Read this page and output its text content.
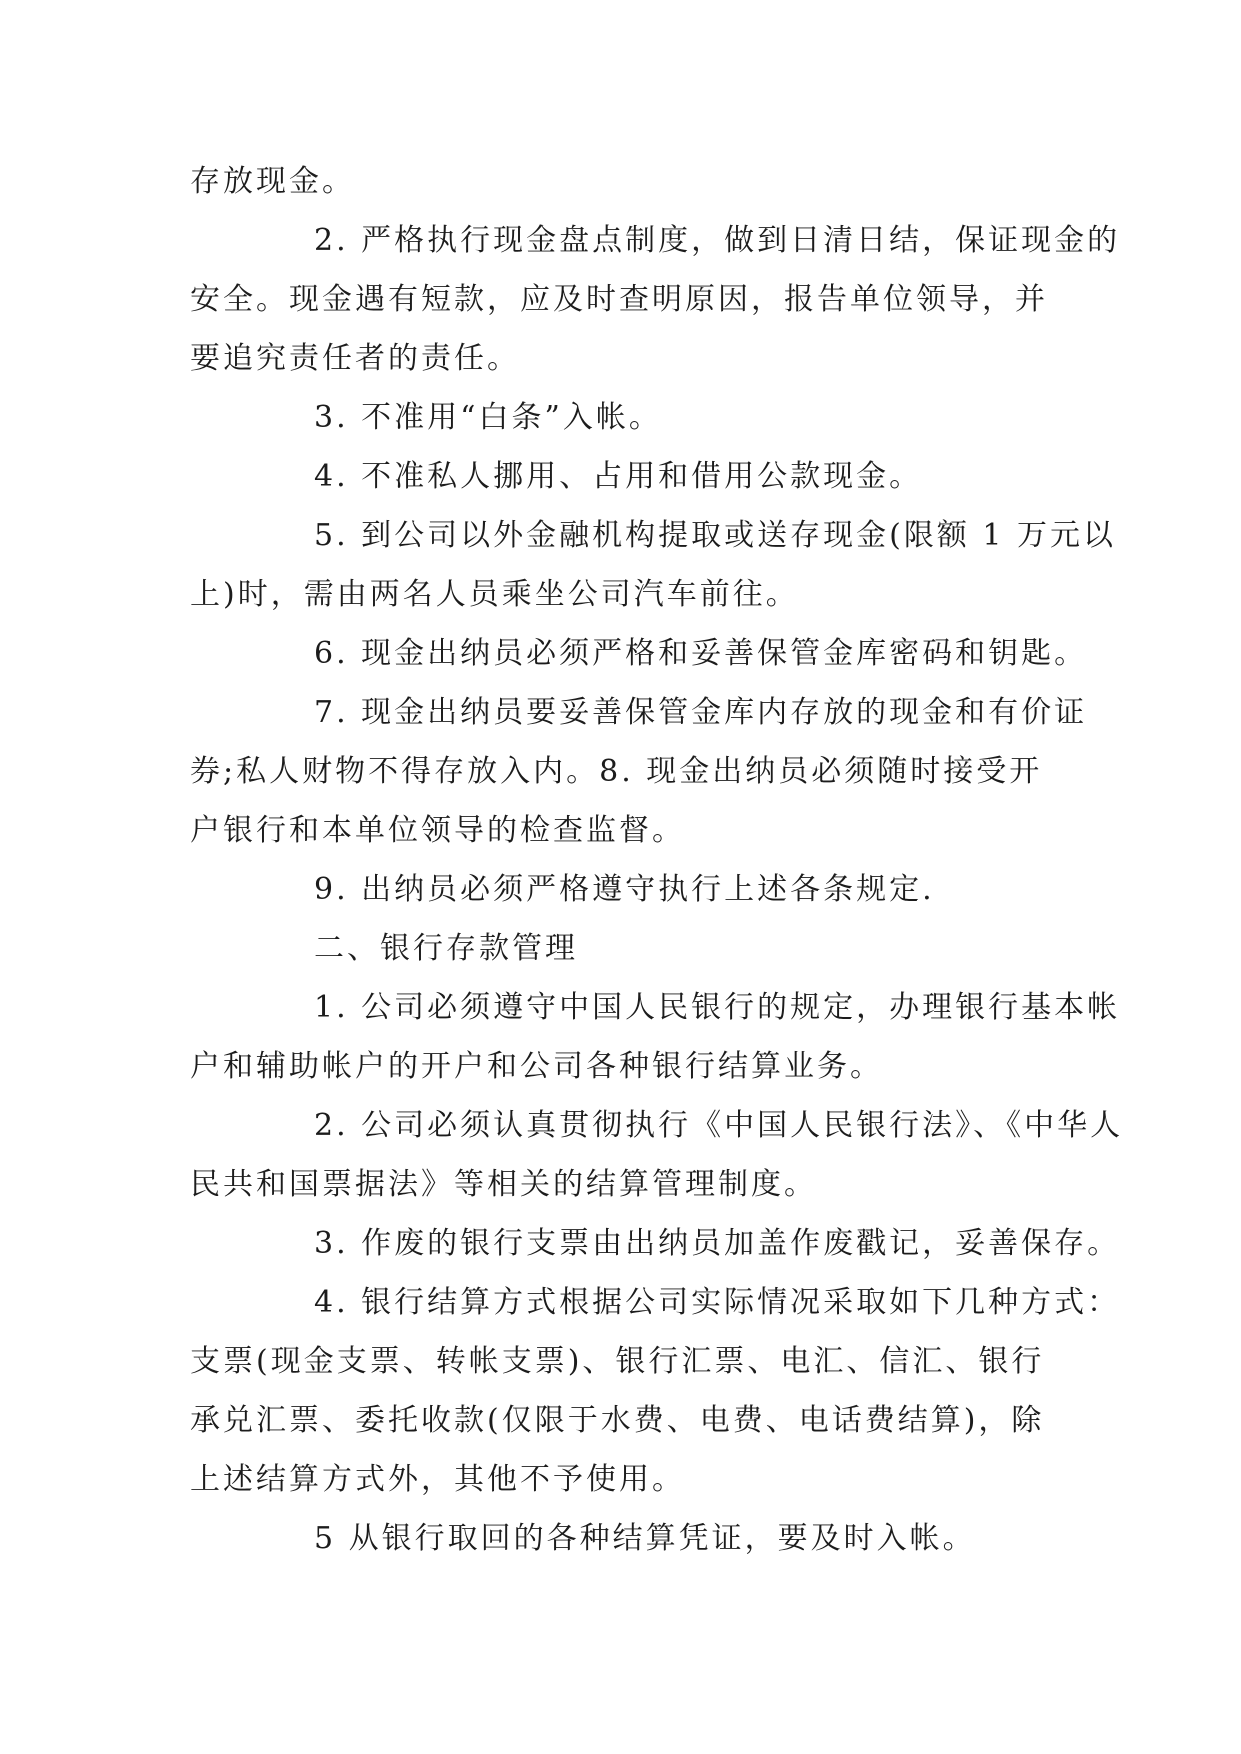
存放现金。
2. 严格执行现金盘点制度，做到日清日结，保证现金的
安全。现金遇有短款，应及时查明原因，报告单位领导，并
要追究责任者的责任。
3. 不准用“白条”入帐。
4. 不准私人挪用、占用和借用公款现金。
5. 到公司以外金融机构提取或送存现金(限额 1 万元以
上)时，需由两名人员乘坐公司汽车前往。
6. 现金出纳员必须严格和妥善保管金库密码和钥匙。
7. 现金出纳员要妥善保管金库内存放的现金和有价证
券;私人财物不得存放入内。8. 现金出纳员必须随时接受开
户银行和本单位领导的检查监督。
9. 出纳员必须严格遵守执行上述各条规定.
二、银行存款管理
1. 公司必须遵守中国人民银行的规定，办理银行基本帐
户和辅助帐户的开户和公司各种银行结算业务。
2. 公司必须认真贯彻执行《中国人民银行法》、《中华人
民共和国票据法》等相关的结算管理制度。
3. 作废的银行支票由出纳员加盖作废戳记，妥善保存。
4. 银行结算方式根据公司实际情况采取如下几种方式：
支票(现金支票、转帐支票)、银行汇票、电汇、信汇、银行
承兑汇票、委托收款(仅限于水费、电费、电话费结算)，除
上述结算方式外，其他不予使用。
5 从银行取回的各种结算凭证，要及时入帐。
